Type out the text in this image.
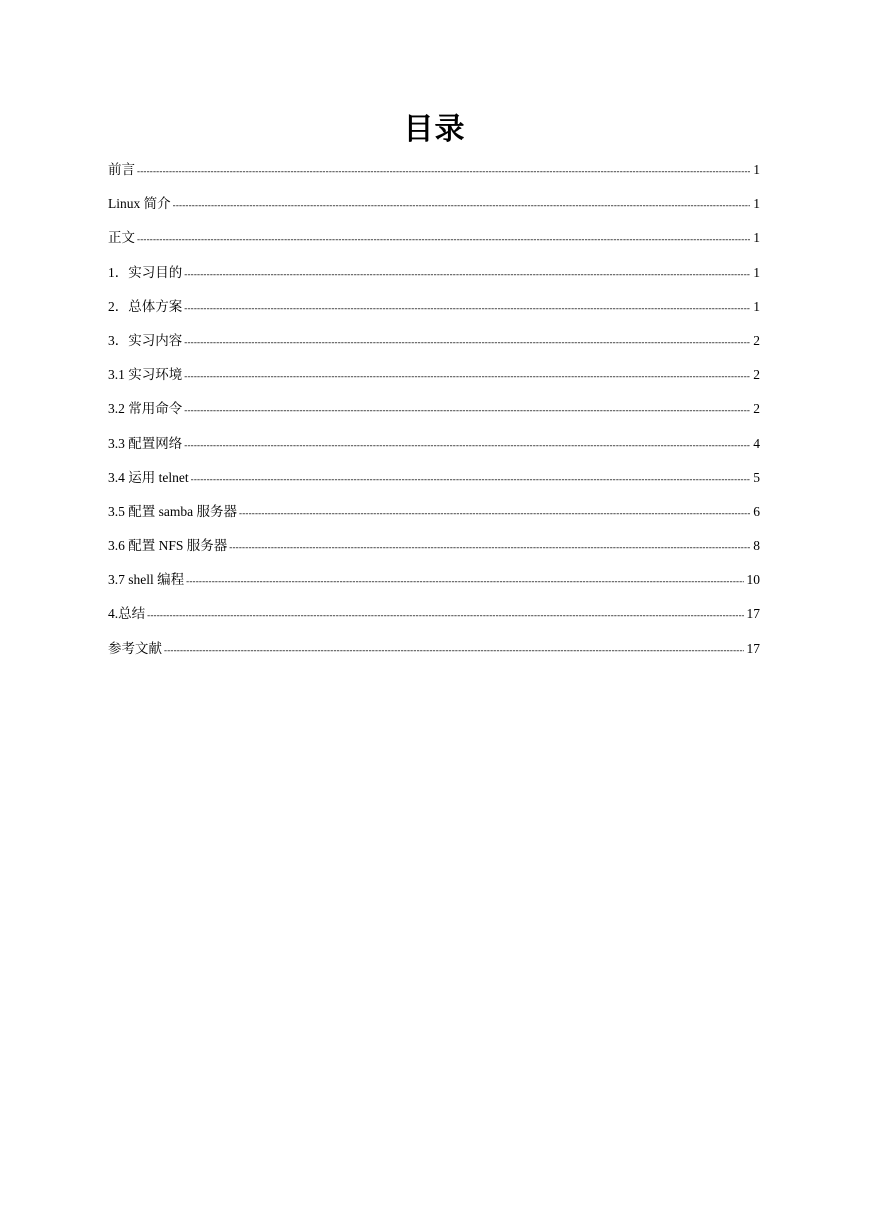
目录
前言 -----	1
Linux 简介 -----	1
正文 -----	1
1．实习目的 -----	1
2．总体方案 -----	1
3．实习内容 -----	2
3.1 实习环境 -----	2
3.2 常用命令 -----	2
3.3 配置网络 -----	4
3.4 运用 telnet -----	5
3.5 配置 samba 服务器 -----	6
3.6 配置 NFS 服务器 -----	8
3.7 shell 编程 -----	10
4.总结 -----	17
参考文献 -----	17
